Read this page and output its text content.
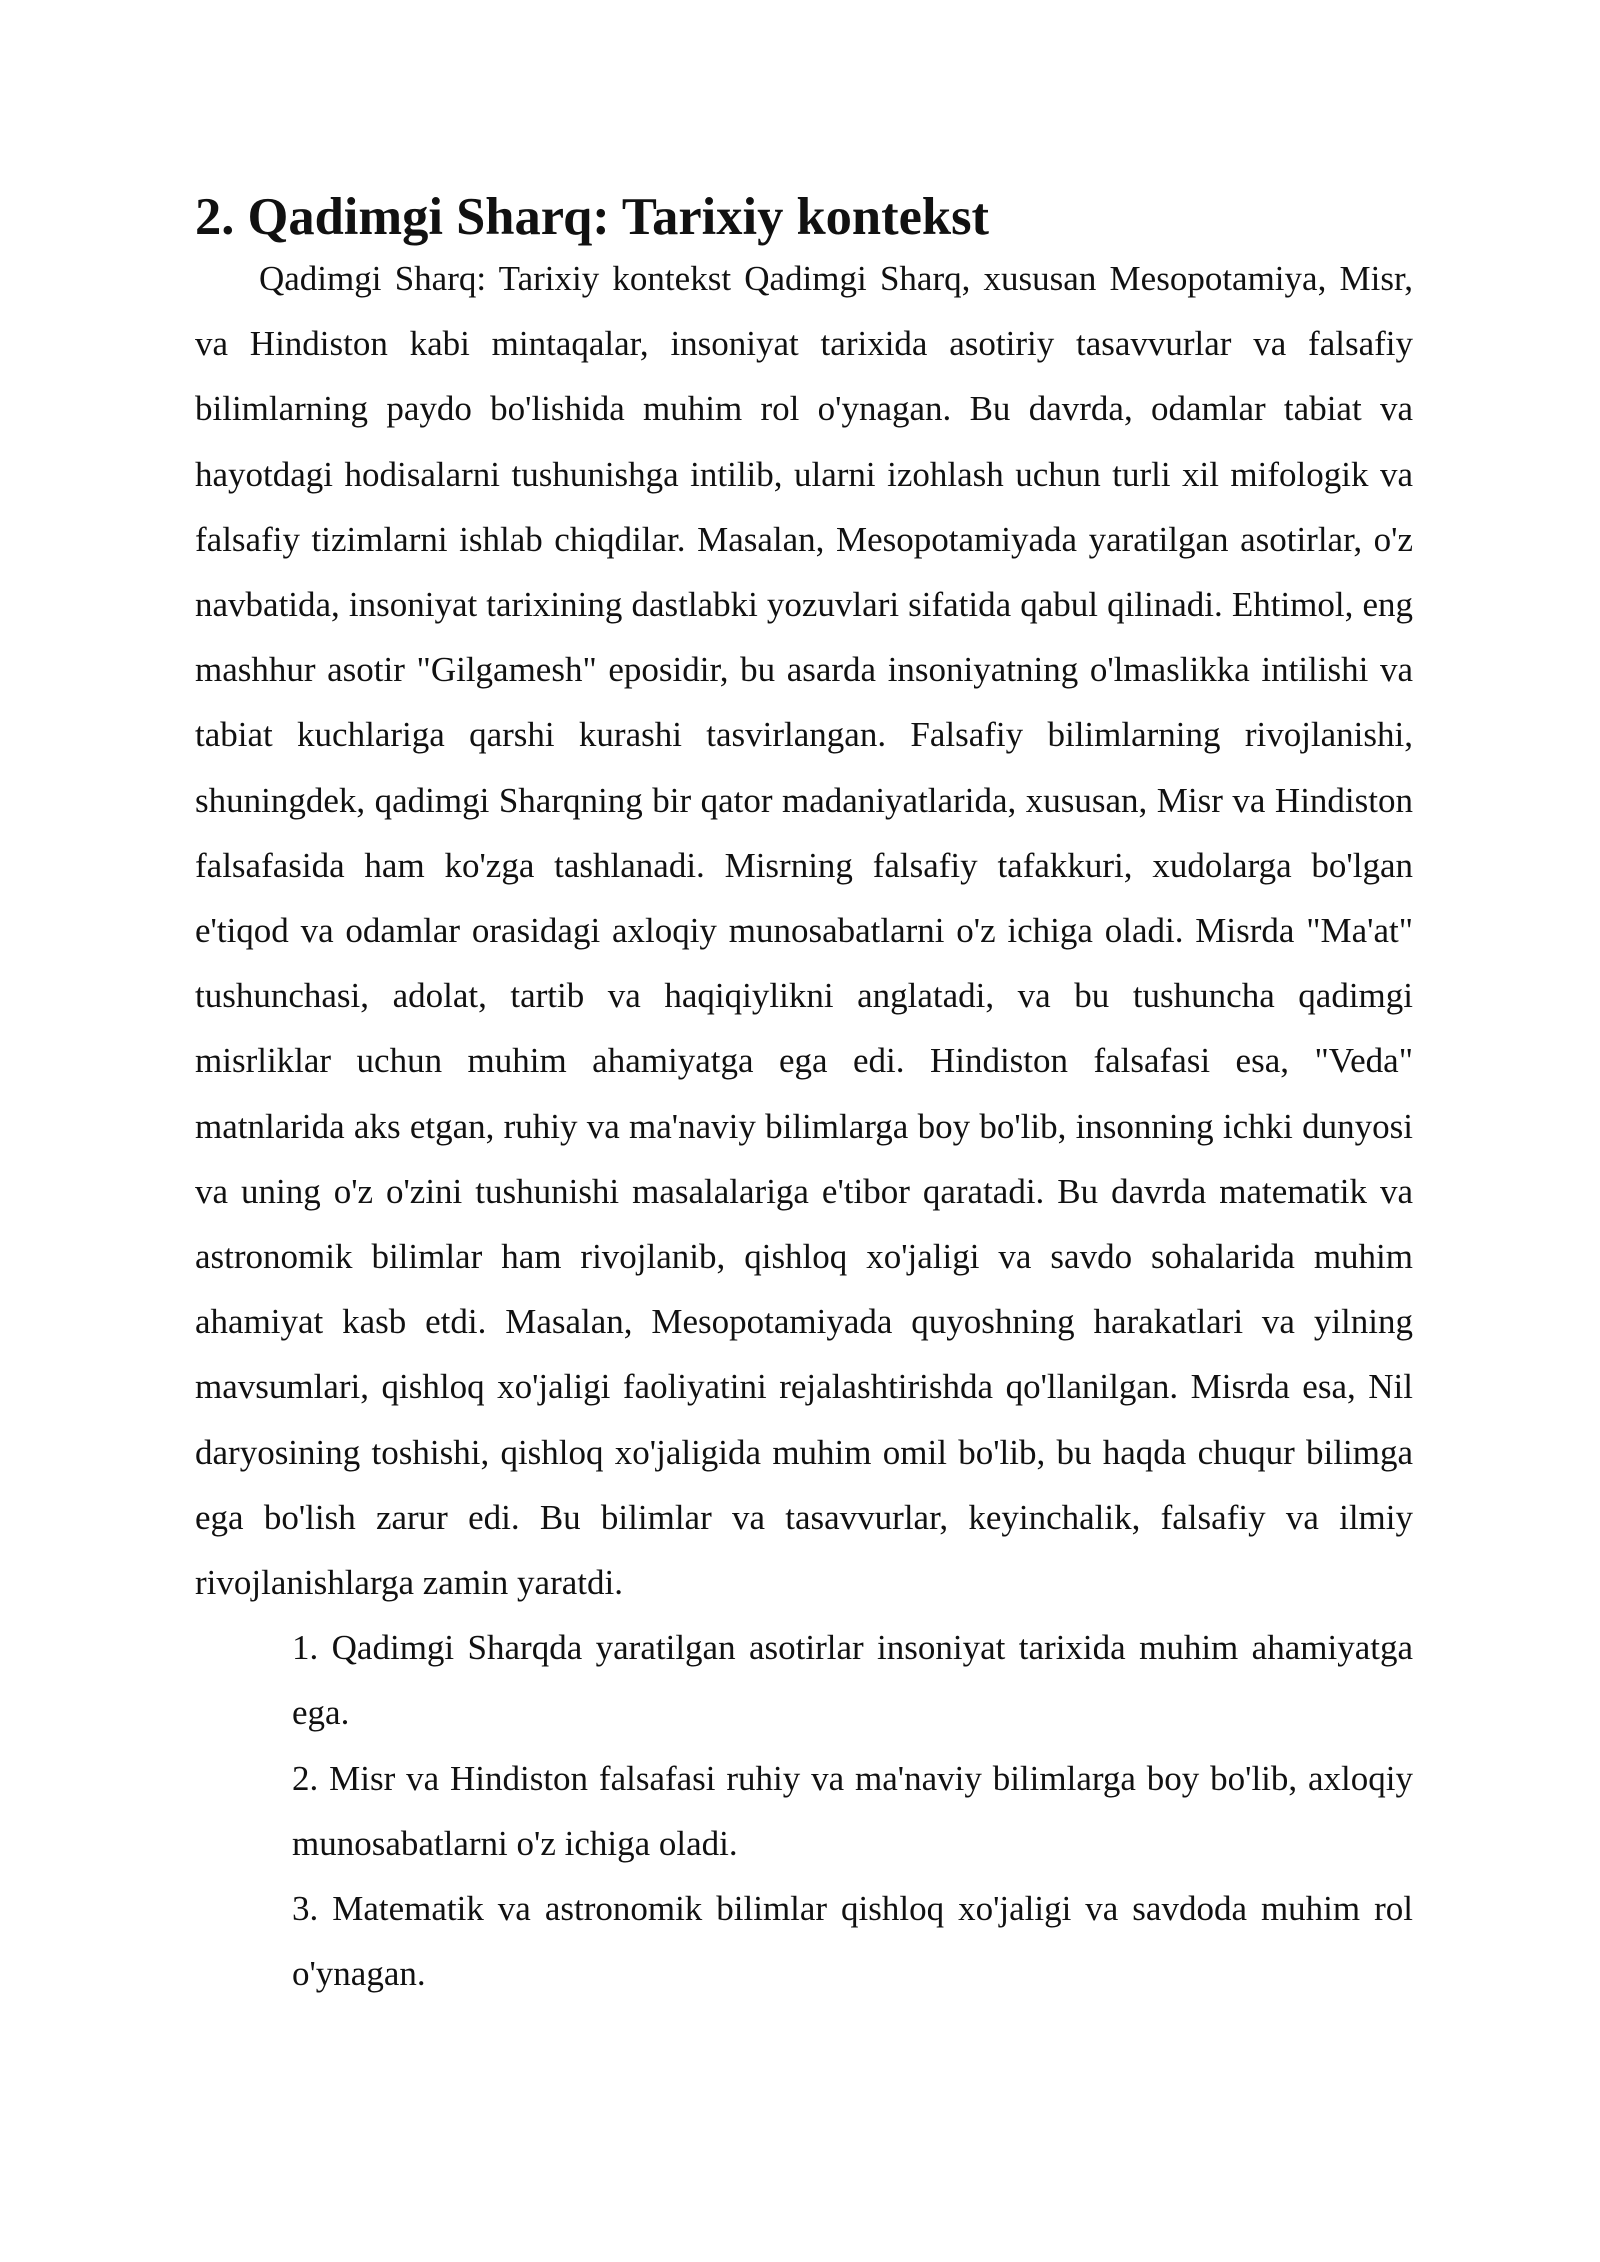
2. Qadimgi Sharq: Tarixiy kontekst

Qadimgi Sharq: Tarixiy kontekst Qadimgi Sharq, xususan Mesopotamiya, Misr, va Hindiston kabi mintaqalar, insoniyat tarixida asotiriy tasavvurlar va falsafiy bilimlarning paydo bo'lishida muhim rol o'ynagan. Bu davrda, odamlar tabiat va hayotdagi hodisalarni tushunishga intilib, ularni izohlash uchun turli xil mifologik va falsafiy tizimlarni ishlab chiqdilar. Masalan, Mesopotamiyada yaratilgan asotirlar, o'z navbatida, insoniyat tarixining dastlabki yozuvlari sifatida qabul qilinadi. Ehtimol, eng mashhur asotir "Gilgamesh" eposidir, bu asarda insoniyatning o'lmaslikka intilishi va tabiat kuchlariga qarshi kurashi tasvirlangan. Falsafiy bilimlarning rivojlanishi, shuningdek, qadimgi Sharqning bir qator madaniyatlarida, xususan, Misr va Hindiston falsafasida ham ko'zga tashlanadi. Misrning falsafiy tafakkuri, xudolarga bo'lgan e'tiqod va odamlar orasidagi axloqiy munosabatlarni o'z ichiga oladi. Misrda "Ma'at" tushunchasi, adolat, tartib va haqiqiylikni anglatadi, va bu tushuncha qadimgi misrliklar uchun muhim ahamiyatga ega edi. Hindiston falsafasi esa, "Veda" matnlarida aks etgan, ruhiy va ma'naviy bilimlarga boy bo'lib, insonning ichki dunyosi va uning o'z o'zini tushunishi masalalariga e'tibor qaratadi. Bu davrda matematik va astronomik bilimlar ham rivojlanib, qishloq xo'jaligi va savdo sohalarida muhim ahamiyat kasb etdi. Masalan, Mesopotamiyada quyoshning harakatlari va yilning mavsumlari, qishloq xo'jaligi faoliyatini rejalashtirishda qo'llanilgan. Misrda esa, Nil daryosining toshishi, qishloq xo'jaligida muhim omil bo'lib, bu haqda chuqur bilimga ega bo'lish zarur edi. Bu bilimlar va tasavvurlar, keyinchalik, falsafiy va ilmiy rivojlanishlarga zamin yaratdi.

1. Qadimgi Sharqda yaratilgan asotirlar insoniyat tarixida muhim ahamiyatga ega.
2. Misr va Hindiston falsafasi ruhiy va ma'naviy bilimlarga boy bo'lib, axloqiy munosabatlarni o'z ichiga oladi.
3. Matematik va astronomik bilimlar qishloq xo'jaligi va savdoda muhim rol o'ynagan.
